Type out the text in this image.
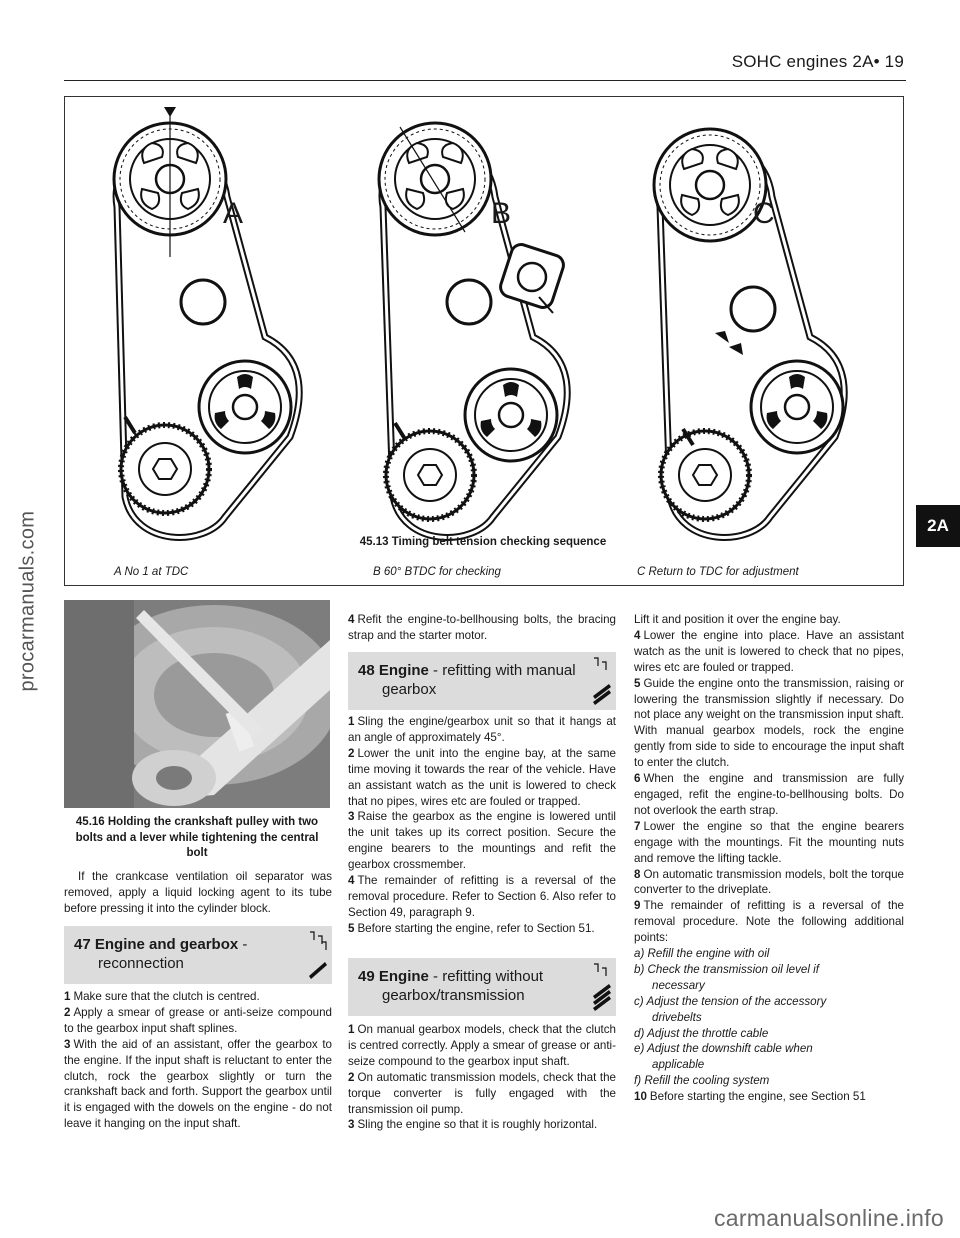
SOHC engines 2A• 19
A	B	C
45.13 Timing belt tension checking sequence
A No 1 at TDC	B 60° BTDC for checking	C Return to TDC for adjustment
2A
procarmanuals.com
carmanualsonline.info
45.16 Holding the crankshaft pulley with two bolts and a lever while tightening the central bolt

If the crankcase ventilation oil separator was removed, apply a liquid locking agent to its tube before pressing it into the cylinder block.

47 Engine and gearbox -
reconnection

1 Make sure that the clutch is centred.

2 Apply a smear of grease or anti-seize compound to the gearbox input shaft splines.

3 With the aid of an assistant, offer the gearbox to the engine. If the input shaft is reluctant to enter the clutch, rock the gearbox slightly or turn the crankshaft back and forth. Support the gearbox until it is engaged with the dowels on the engine - do not leave it hanging on the input shaft.

4 Refit the engine-to-bellhousing bolts, the bracing strap and the starter motor.

48 Engine - refitting with manual
gearbox

1 Sling the engine/gearbox unit so that it hangs at an angle of approximately 45°.

2 Lower the unit into the engine bay, at the same time moving it towards the rear of the vehicle. Have an assistant watch as the unit is lowered to check that no pipes, wires etc are fouled or trapped.

3 Raise the gearbox as the engine is lowered until the unit takes up its correct position. Secure the engine bearers to the mountings and refit the gearbox crossmember.

4 The remainder of refitting is a reversal of the removal procedure. Refer to Section 6. Also refer to Section 49, paragraph 9.

5 Before starting the engine, refer to Section 51.

49 Engine - refitting without
gearbox/transmission

1 On manual gearbox models, check that the clutch is centred correctly. Apply a smear of grease or anti-seize compound to the gearbox input shaft.

2 On automatic transmission models, check that the torque converter is fully engaged with the transmission oil pump.

3 Sling the engine so that it is roughly horizontal.

Lift it and position it over the engine bay.

4 Lower the engine into place. Have an assistant watch as the unit is lowered to check that no pipes, wires etc are fouled or trapped.

5 Guide the engine onto the transmission, raising or lowering the transmission slightly if necessary. Do not place any weight on the transmission input shaft. With manual gearbox models, rock the engine gently from side to side to encourage the input shaft to enter the clutch.

6 When the engine and transmission are fully engaged, refit the engine-to-bellhousing bolts. Do not overlook the earth strap.

7 Lower the engine so that the engine bearers engage with the mountings. Fit the mounting nuts and remove the lifting tackle.

8 On automatic transmission models, bolt the torque converter to the driveplate.

9 The remainder of refitting is a reversal of the removal procedure. Note the following additional points:

a) Refill the engine with oil

b) Check the transmission oil level if
necessary

c) Adjust the tension of the accessory
drivebelts

d) Adjust the throttle cable

e) Adjust the downshift cable when
applicable

f) Refill the cooling system

10 Before starting the engine, see Section 51
